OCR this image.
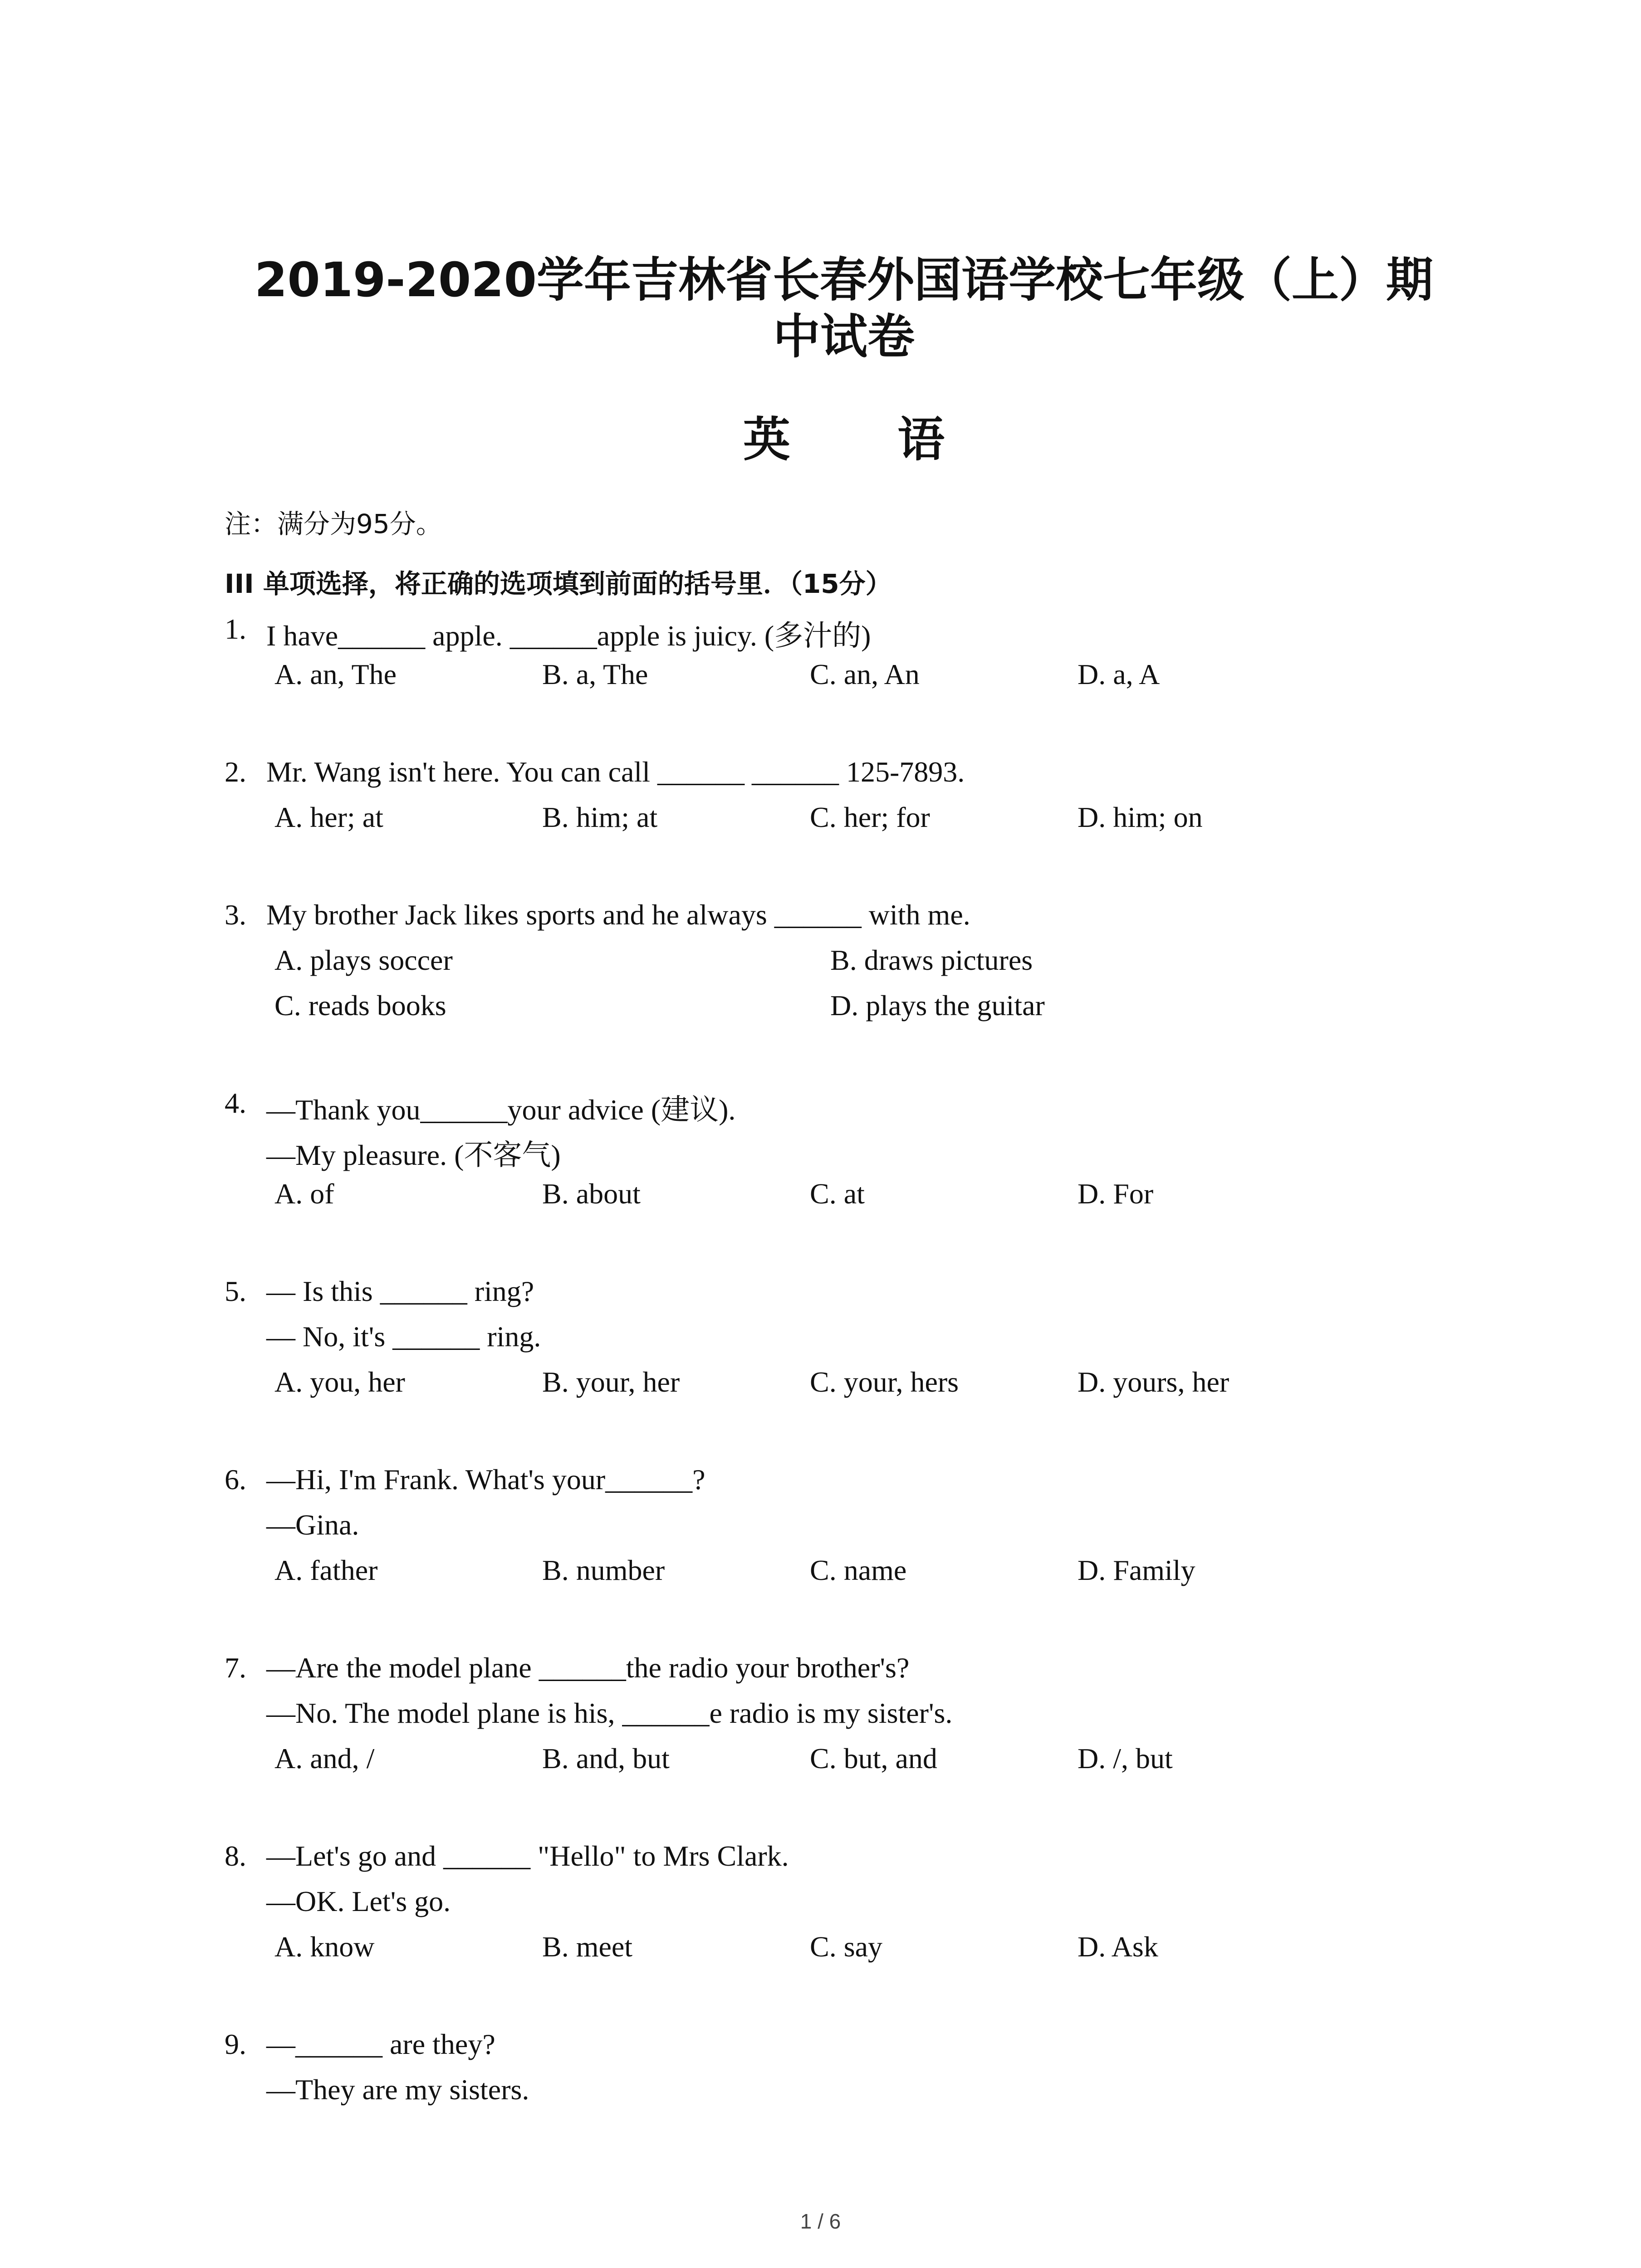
2019-2020学年吉林省长春外国语学校七年级（上）期
中试卷
英 语
注：满分为95分。
III 单项选择，将正确的选项填到前面的括号里．（15分）
1. I have______ apple. ______apple is juicy. (多汁的)
A. an, The	B. a, The	C. an, An	D. a, A
2. Mr. Wang isn't here. You can call ______ ______ 125-7893.
A. her; at	B. him; at	C. her; for	D. him; on
3. My brother Jack likes sports and he always ______ with me.
A. plays soccer	B. draws pictures
C. reads books	D. plays the guitar
4. —Thank you______your advice (建议).
—My pleasure. (不客气)
A. of	B. about	C. at	D. For
5. — Is this ______ ring?
— No, it's ______ ring.
A. you, her	B. your, her	C. your, hers	D. yours, her
6. —Hi, I'm Frank. What's your______?
—Gina.
A. father	B. number	C. name	D. Family
7. —Are the model plane ______the radio your brother's?
—No. The model plane is his, ______e radio is my sister's.
A. and, /	B. and, but	C. but, and	D. /, but
8. —Let's go and ______ "Hello" to Mrs Clark.
—OK. Let's go.
A. know	B. meet	C. say	D. Ask
9. —______ are they?
—They are my sisters.
1 / 6
